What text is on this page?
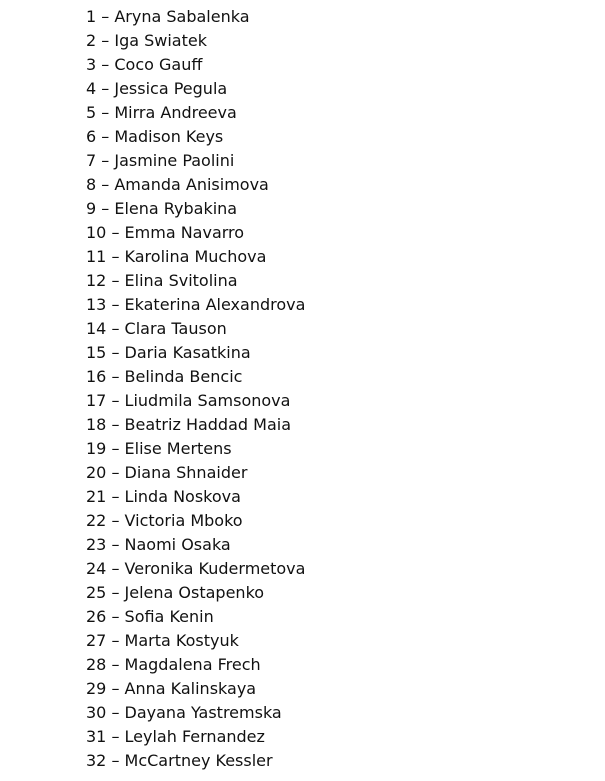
1 – Aryna Sabalenka
2 – Iga Swiatek
3 – Coco Gauff
4 – Jessica Pegula
5 – Mirra Andreeva
6 – Madison Keys
7 – Jasmine Paolini
8 – Amanda Anisimova
9 – Elena Rybakina
10 – Emma Navarro
11 – Karolina Muchova
12 – Elina Svitolina
13 – Ekaterina Alexandrova
14 – Clara Tauson
15 – Daria Kasatkina
16 – Belinda Bencic
17 – Liudmila Samsonova
18 – Beatriz Haddad Maia
19 – Elise Mertens
20 – Diana Shnaider
21 – Linda Noskova
22 – Victoria Mboko
23 – Naomi Osaka
24 – Veronika Kudermetova
25 – Jelena Ostapenko
26 – Sofia Kenin
27 – Marta Kostyuk
28 – Magdalena Frech
29 – Anna Kalinskaya
30 – Dayana Yastremska
31 – Leylah Fernandez
32 – McCartney Kessler
